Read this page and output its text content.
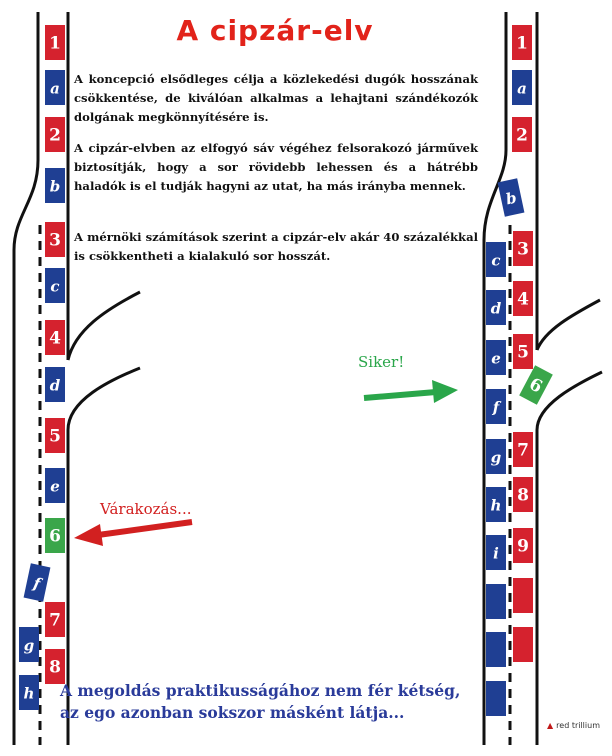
1
a
2
b
3
c
4
d
5
e
6
f
7
g
8
h
1
a
2
b
c
3
d 4
e 5
6
f
g 7
h 8
i 9
A cipzár-elv

A koncepció elsődleges célja a közlekedési dugók hosszának csökkentése, de kiválóan alkalmas a lehajtani szándékozók dolgának megkönnyítésére is.

A cipzár-elvben az elfogyó sáv végéhez felsorakozó járművek biztosítják, hogy a sor rövidebb lehessen és a hátrébb haladók is el tudják hagyni az utat, ha más irányba mennek.

A mérnöki számítások szerint a cipzár-elv akár 40 százalékkal is csökkentheti a kialakuló sor hosszát.

Várakozás...
Siker!
A megoldás praktikusságához nem fér kétség,
az ego azonban sokszor másként látja...
▲ red trillium
